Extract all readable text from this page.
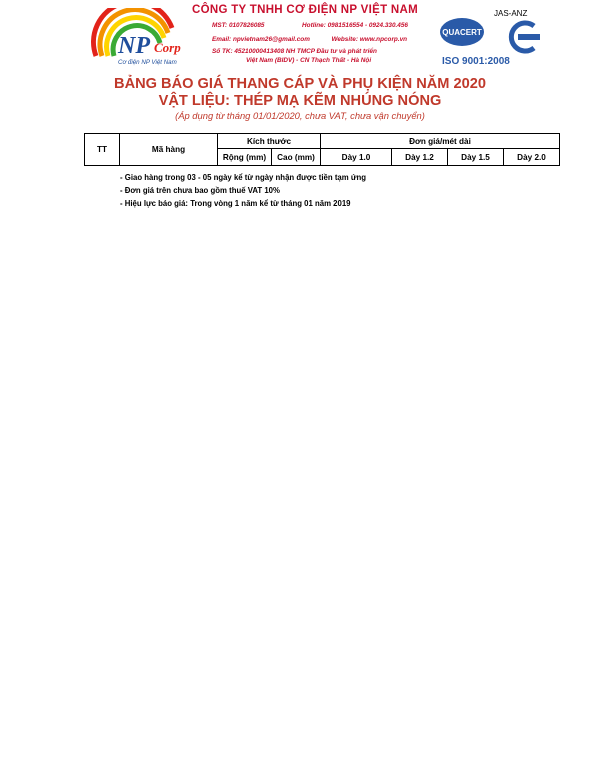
NP Corp
Cơ điện NP Việt Nam
CÔNG TY TNHH CƠ ĐIỆN NP VIỆT NAM
MST: 0107826085	Hotline: 0981516554 - 0924.330.456
Email: npvietnam26@gmail.com	Website: www.npcorp.vn
Số TK: 45210000413408 NH TMCP Đầu tư và phát triển
Việt Nam (BIDV) - CN Thạch Thất - Hà Nội
QUACERT
JAS-ANZ
ISO 9001:2008
BẢNG BÁO GIÁ THANG CÁP VÀ PHỤ KIỆN NĂM 2020
VẬT LIỆU: THÉP MẠ KẼM NHÚNG NÓNG
(Áp dụng từ tháng 01/01/2020, chưa VAT, chưa vận chuyển)
TT	Mã hàng	Kích thước		Đơn giá/mét dài			
		Rộng (mm)	Cao (mm)	Dày 1.0	Dày 1.2	Dày 1.5	Dày 2.0
- Giao hàng trong 03 - 05 ngày kể từ ngày nhận được tiền tạm ứng
- Đơn giá trên chưa bao gồm thuế VAT 10%
- Hiệu lực báo giá: Trong vòng 1 năm kể từ tháng 01 năm 2019
